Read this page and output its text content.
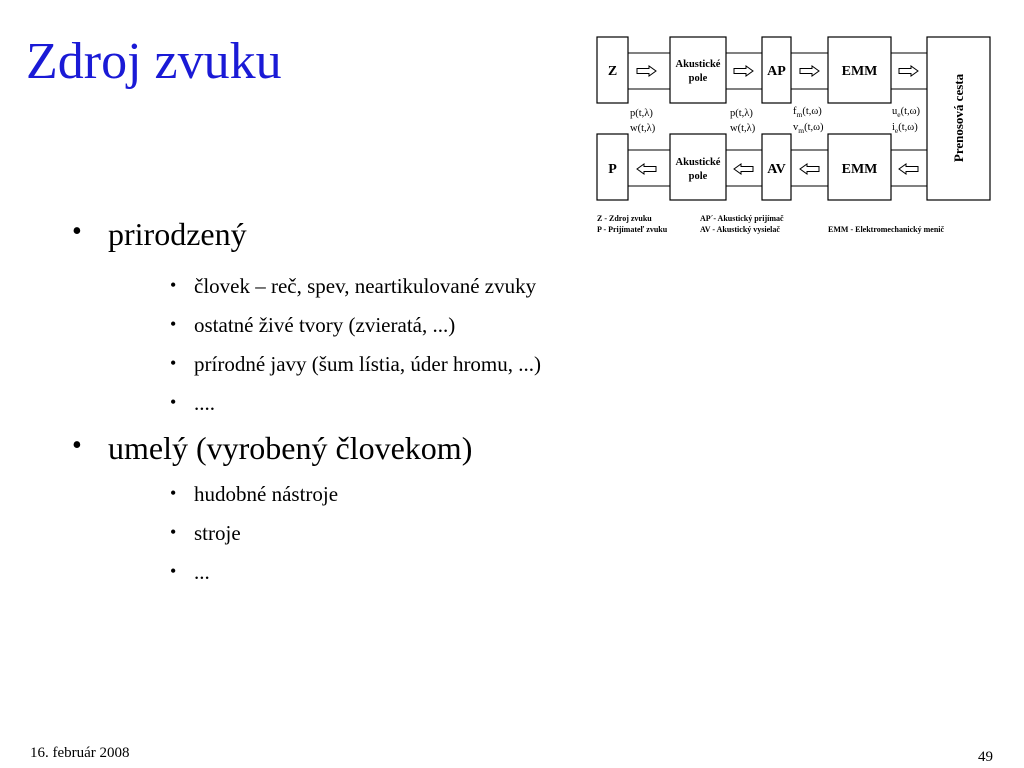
Zdroj zvuku	Z	Akustické
pole	AP	EMM
P	Akustické
pole	AV	EMM
Prenosová cesta
p(t,λ)
w(t,λ)
p(t,λ)
w(t,λ)
$f_m(t,\omega)$
$v_m(t,\omega)$
$u_e(t,\omega)$
$i_e(t,\omega)$
Z - Zdroj zvuku
P - Prijímateľ zvuku
AP´- Akustický prijímač
AV - Akustický vysielač	EMM - Elektromechanický menič
• prirodzený
• človek – reč, spev, neartikulované zvuky
• ostatné živé tvory (zvieratá, ...)
• prírodné javy (šum lístia, úder hromu, ...)
• ....
• umelý (vyrobený človekom)
• hudobné nástroje
• stroje
• ...
16. február 2008	49
